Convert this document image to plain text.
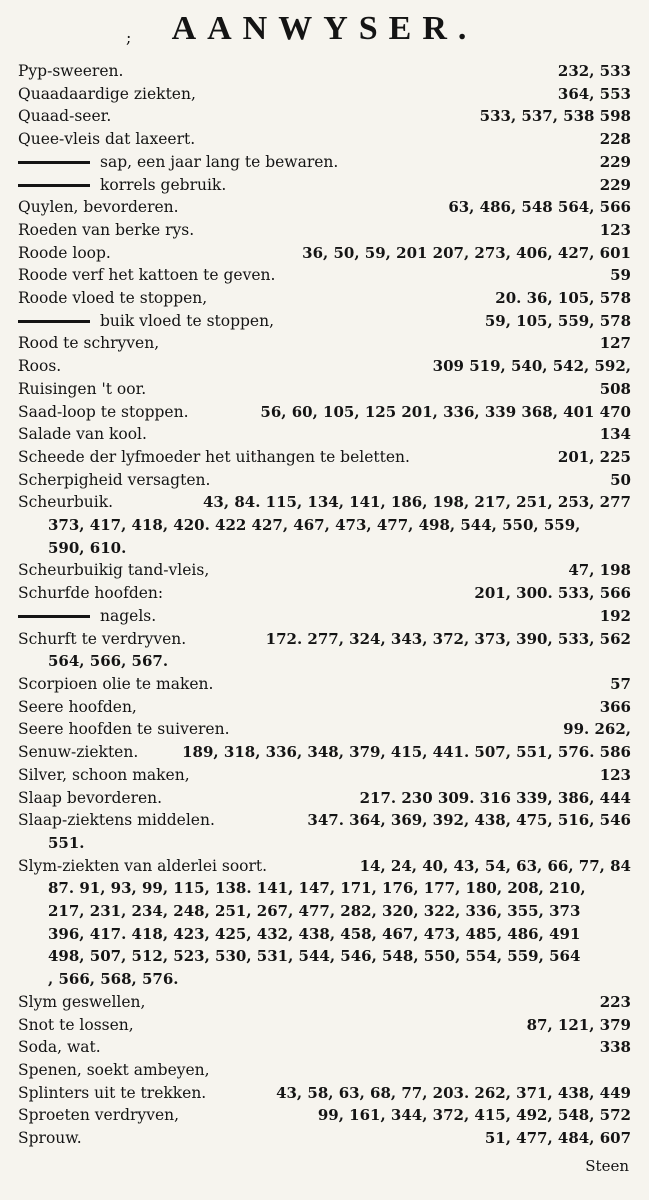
; AANWYSER.
Pyp-sweeren.	232, 533
Quaadaardige ziekten,	364, 553
Quaad-seer.	533, 537, 538 598
Quee-vleis dat laxeert.	228
sap, een jaar lang te bewaren.	229
korrels gebruik.	229
Quylen, bevorderen.	63, 486, 548 564, 566
Roeden van berke rys.	123
Roode loop.	36, 50, 59, 201 207, 273, 406, 427, 601
Roode verf het kattoen te geven.	59
Roode vloed te stoppen,	20. 36, 105, 578
buik vloed te stoppen,	59, 105, 559, 578
Rood te schryven,	127
Roos.	309 519, 540, 542, 592,
Ruisingen 't oor.	508
Saad-loop te stoppen.	56, 60, 105, 125 201, 336, 339 368, 401 470
Salade van kool.	134
Scheede der lyfmoeder het uithangen te beletten.	201, 225
Scherpigheid versagten.	50
Scheurbuik.	43, 84. 115, 134, 141, 186, 198, 217, 251, 253, 277
373, 417, 418, 420. 422 427, 467, 473, 477, 498, 544, 550, 559,
590, 610.
Scheurbuikig tand-vleis,	47, 198
Schurfde hoofden:	201, 300. 533, 566
nagels.	192
Schurft te verdryven.	172. 277, 324, 343, 372, 373, 390, 533, 562
564, 566, 567.
Scorpioen olie te maken.	57
Seere hoofden,	366
Seere hoofden te suiveren.	99. 262,
Senuw-ziekten.	189, 318, 336, 348, 379, 415, 441. 507, 551, 576. 586
Silver, schoon maken,	123
Slaap bevorderen.	217. 230 309. 316 339, 386, 444
Slaap-ziektens middelen.	347. 364, 369, 392, 438, 475, 516, 546
551.
Slym-ziekten van alderlei soort.	14, 24, 40, 43, 54, 63, 66, 77, 84
87. 91, 93, 99, 115, 138. 141, 147, 171, 176, 177, 180, 208, 210,
217, 231, 234, 248, 251, 267, 477, 282, 320, 322, 336, 355, 373
396, 417. 418, 423, 425, 432, 438, 458, 467, 473, 485, 486, 491
498, 507, 512, 523, 530, 531, 544, 546, 548, 550, 554, 559, 564
, 566, 568, 576.
Slym geswellen,	223
Snot te lossen,	87, 121, 379
Soda, wat.	338
Spenen, soekt ambeyen,
Splinters uit te trekken.	43, 58, 63, 68, 77, 203. 262, 371, 438, 449
Sproeten verdryven,	99, 161, 344, 372, 415, 492, 548, 572
Sprouw.	51, 477, 484, 607
Steen
